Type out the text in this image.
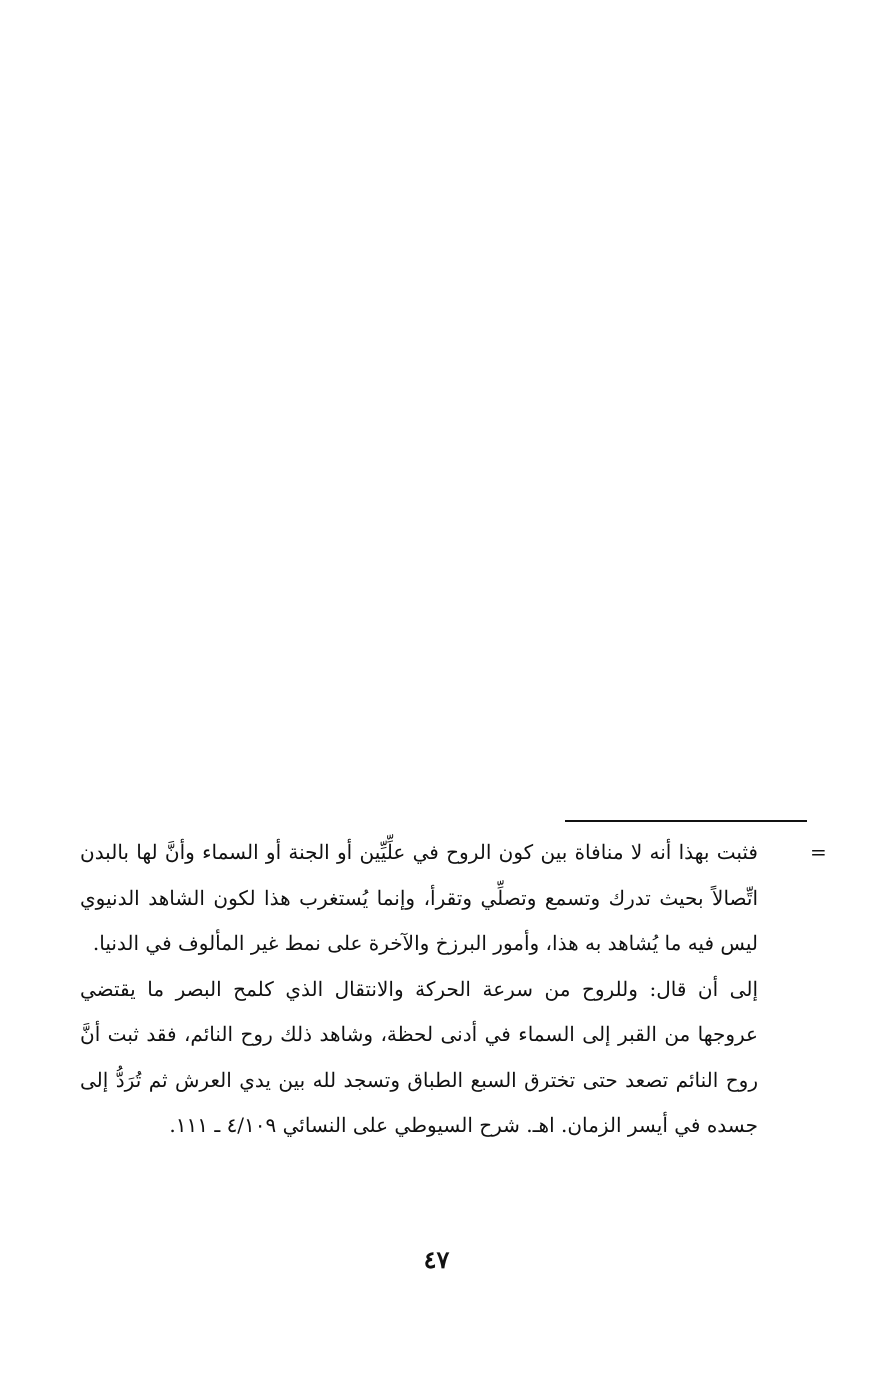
=

فثبت بهذا أنه لا منافاة بين كون الروح في علِّيِّين أو الجنة أو السماء وأنَّ لها بالبدن اتِّصالاً بحيث تدرك وتسمع وتصلِّي وتقرأ، وإنما يُستغرب هذا لكون الشاهد الدنيوي ليس فيه ما يُشاهد به هذا، وأمور البرزخ والآخرة على نمط غير المألوف في الدنيا.

إلى أن قال: وللروح من سرعة الحركة والانتقال الذي كلمح البصر ما يقتضي عروجها من القبر إلى السماء في أدنى لحظة، وشاهد ذلك روح النائم، فقد ثبت أنَّ روح النائم تصعد حتى تخترق السبع الطباق وتسجد لله بين يدي العرش ثم تُرَدُّ إلى جسده في أيسر الزمان. اهـ. شرح السيوطي على النسائي ٤/١٠٩ ـ ١١١.

٤٧
